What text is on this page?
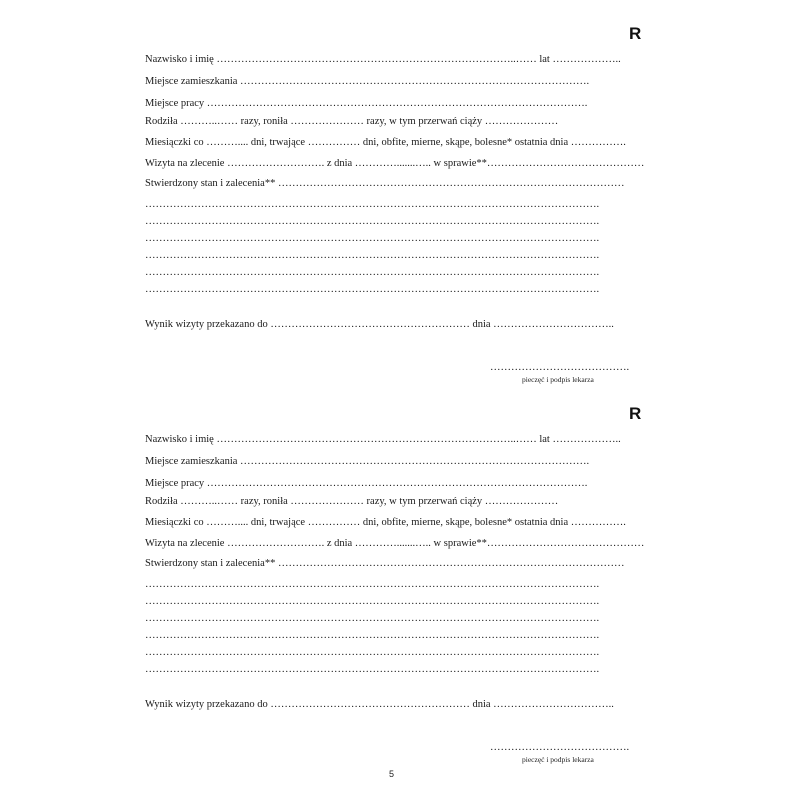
R
Nazwisko i imię …………………………………………………………………………..…… lat ………………..
Miejsce zamieszkania ……………………………………………………………………………………….
Miejsce pracy ……………………………………………………………………………………………….
Rodziła ………..…… razy, roniła ………………… razy, w tym przerwań ciąży …………………
Miesiączki co ……….... dni, trwające …………… dni, obfite, mierne, skąpe, bolesne* ostatnia dnia …………….
Wizyta na zlecenie ………………………. z dnia ………….......….. w sprawie**………………………………………
Stwierdzony stan i zalecenia** ………………………………………………………………………………………
………………………………………………………………………………………………………………….
………………………………………………………………………………………………………………….
………………………………………………………………………………………………………………….
………………………………………………………………………………………………………………….
………………………………………………………………………………………………………………….
………………………………………………………………………………………………………………….
Wynik wizyty przekazano do ………………………………………………… dnia ……………………………..
………………………………….
pieczęć i podpis lekarza
R
Nazwisko i imię …………………………………………………………………………..…… lat ………………..
Miejsce zamieszkania ……………………………………………………………………………………….
Miejsce pracy ……………………………………………………………………………………………….
Rodziła ………..…… razy, roniła ………………… razy, w tym przerwań ciąży …………………
Miesiączki co ……….... dni, trwające …………… dni, obfite, mierne, skąpe, bolesne* ostatnia dnia …………….
Wizyta na zlecenie ………………………. z dnia ………….......….. w sprawie**………………………………………
Stwierdzony stan i zalecenia** ………………………………………………………………………………………
………………………………………………………………………………………………………………….
………………………………………………………………………………………………………………….
………………………………………………………………………………………………………………….
………………………………………………………………………………………………………………….
………………………………………………………………………………………………………………….
………………………………………………………………………………………………………………….
Wynik wizyty przekazano do ………………………………………………… dnia ……………………………..
………………………………….
pieczęć i podpis lekarza
5
